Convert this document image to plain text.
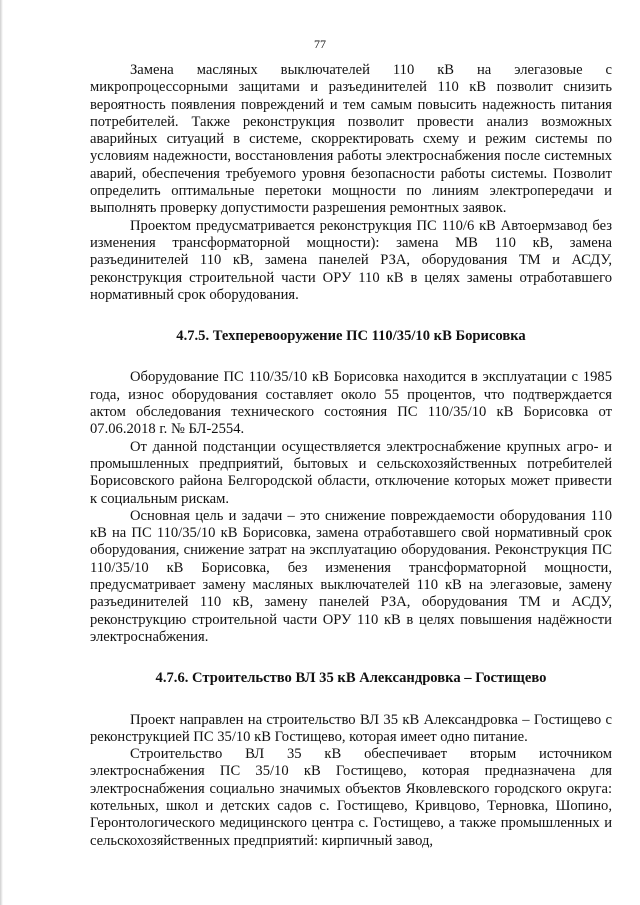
77

Замена масляных выключателей 110 кВ на элегазовые с микропроцессорными защитами и разъединителей 110 кВ позволит снизить вероятность появления повреждений и тем самым повысить надежность питания потребителей. Также реконструкция позволит провести анализ возможных аварийных ситуаций в системе, скорректировать схему и режим системы по условиям надежности, восстановления работы электроснабжения после системных аварий, обеспечения требуемого уровня безопасности работы системы. Позволит определить оптимальные перетоки мощности по линиям электропередачи и выполнять проверку допустимости разрешения ремонтных заявок.

Проектом предусматривается реконструкция ПС 110/6 кВ Автоермзавод без изменения трансформаторной мощности): замена МВ 110 кВ, замена разъединителей 110 кВ, замена панелей РЗА, оборудования ТМ и АСДУ, реконструкция строительной части ОРУ 110 кВ в целях замены отработавшего нормативный срок оборудования.

4.7.5. Техперевооружение ПС 110/35/10 кВ Борисовка

Оборудование ПС 110/35/10 кВ Борисовка находится в эксплуатации с 1985 года, износ оборудования составляет около 55 процентов, что подтверждается актом обследования технического состояния ПС 110/35/10 кВ Борисовка от 07.06.2018 г. № БЛ-2554.

От данной подстанции осуществляется электроснабжение крупных агро- и промышленных предприятий, бытовых и сельскохозяйственных потребителей Борисовского района Белгородской области, отключение которых может привести к социальным рискам.

Основная цель и задачи – это снижение повреждаемости оборудования 110 кВ на ПС 110/35/10 кВ Борисовка, замена отработавшего свой нормативный срок оборудования, снижение затрат на эксплуатацию оборудования. Реконструкция ПС 110/35/10 кВ Борисовка, без изменения трансформаторной мощности, предусматривает замену масляных выключателей 110 кВ на элегазовые, замену разъединителей 110 кВ, замену панелей РЗА, оборудования ТМ и АСДУ, реконструкцию строительной части ОРУ 110 кВ в целях повышения надёжности электроснабжения.

4.7.6. Строительство ВЛ 35 кВ Александровка – Гостищево

Проект направлен на строительство ВЛ 35 кВ Александровка – Гостищево с реконструкцией ПС 35/10 кВ Гостищево, которая имеет одно питание.

Строительство ВЛ 35 кВ обеспечивает вторым источником электроснабжения ПС 35/10 кВ Гостищево, которая предназначена для электроснабжения социально значимых объектов Яковлевского городского округа: котельных, школ и детских садов с. Гостищево, Кривцово, Терновка, Шопино, Геронтологического медицинского центра с. Гостищево, а также промышленных и сельскохозяйственных предприятий: кирпичный завод,
